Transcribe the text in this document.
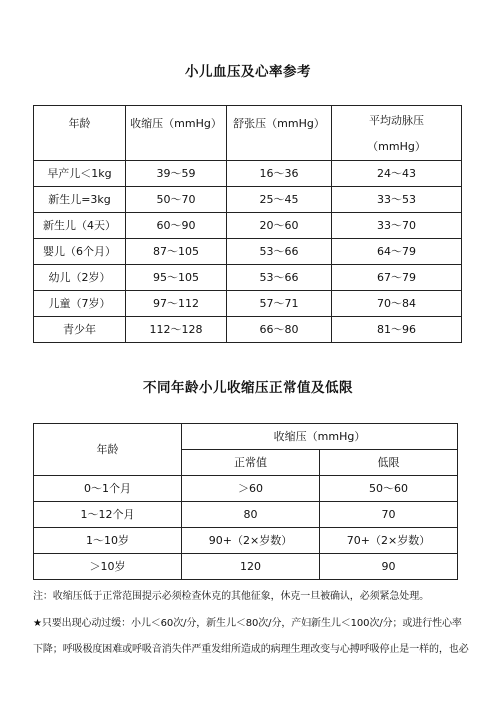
小儿血压及心率参考
年龄	收缩压（mmHg）	舒张压（mmHg）	平均动脉压
（mmHg）

早产儿＜1kg	39～59	16～36	24～43
新生儿=3kg	50～70	25～45	33～53
新生儿（4天）	60～90	20～60	33～70
婴儿（6个月）	87～105	53～66	64～79
幼儿（2岁）	95～105	53～66	67～79
儿童（7岁）	97～112	57～71	70～84
青少年	112～128	66～80	81～96
不同年龄小儿收缩压正常值及低限
年龄	收缩压（mmHg）	
	正常值	低限
0～1个月	＞60	50～60
1～12个月	80	70
1～10岁	90+（2×岁数）	70+（2×岁数）
＞10岁	120	90
注：收缩压低于正常范围提示必须检查休克的其他征象，休克一旦被确认，必须紧急处理。
★只要出现心动过缓：小儿＜60次/分，新生儿＜80次/分，产妇新生儿＜100次/分；或进行性心率
下降；呼吸极度困难或呼吸音消失伴严重发绀所造成的病理生理改变与心搏呼吸停止是一样的，也必
